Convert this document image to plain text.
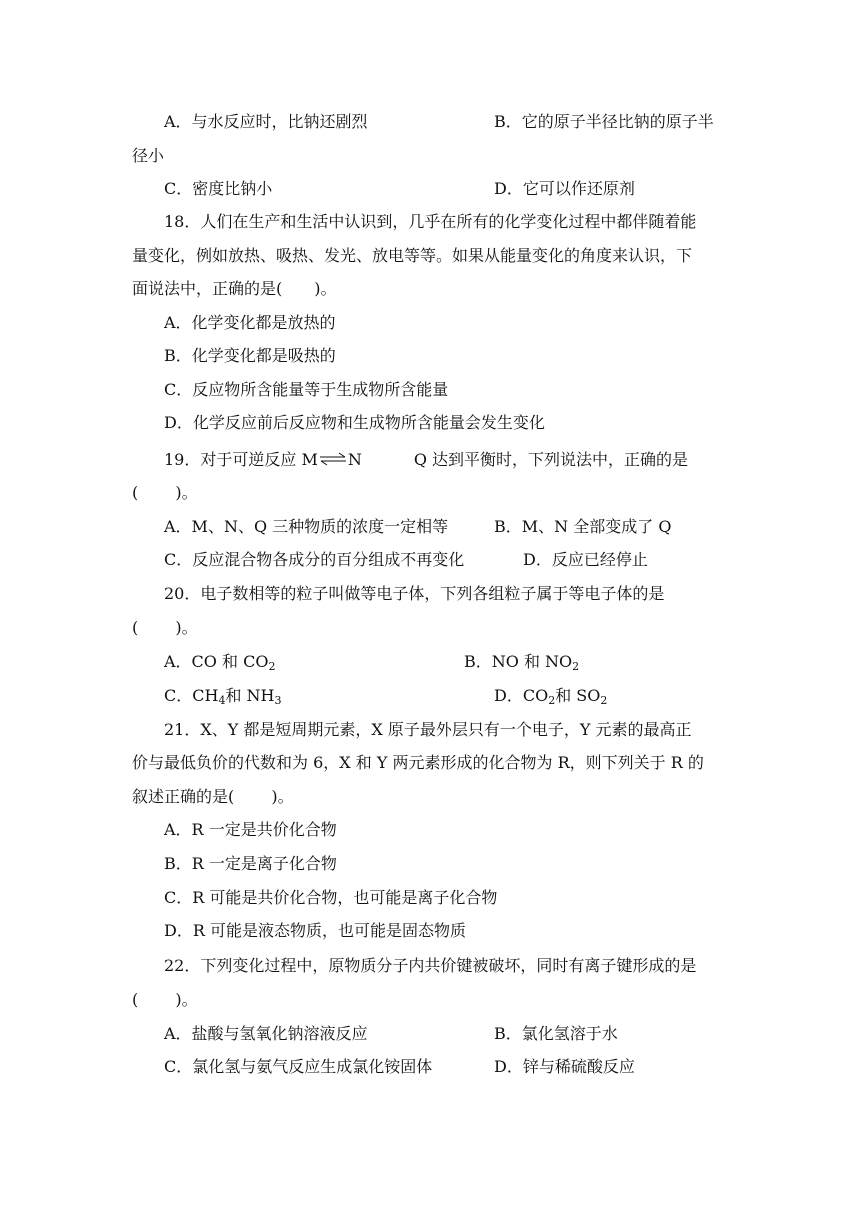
A．与水反应时，比钠还剧烈	B．它的原子半径比钠的原子半
径小
C．密度比钠小	D．它可以作还原剂
18．人们在生产和生活中认识到，几乎在所有的化学变化过程中都伴随着能
量变化，例如放热、吸热、发光、放电等等。如果从能量变化的角度来认识，下
面说法中，正确的是(　　)。
A．化学变化都是放热的
B．化学变化都是吸热的
C．反应物所含能量等于生成物所含能量
D．化学反应前后反应物和生成物所含能量会发生变化
19．对于可逆反应 M⇌N	Q 达到平衡时，下列说法中，正确的是
(　　 )。
A．M、N、Q 三种物质的浓度一定相等	B．M、N 全部变成了 Q
C．反应混合物各成分的百分组成不再变化	D．反应已经停止
20．电子数相等的粒子叫做等电子体，下列各组粒子属于等电子体的是
(　　 )。
A．CO 和 $CO_2$	B．NO 和 $NO_2$
C．$CH_4$和 $NH_3$	D．$CO_2$和 $SO_2$
21．X、Y 都是短周期元素，X 原子最外层只有一个电子，Y 元素的最高正
价与最低负价的代数和为 6，X 和 Y 两元素形成的化合物为 R，则下列关于 R 的
叙述正确的是(　　 )。
A．R 一定是共价化合物
B．R 一定是离子化合物
C．R 可能是共价化合物，也可能是离子化合物
D．R 可能是液态物质，也可能是固态物质
22．下列变化过程中，原物质分子内共价键被破坏，同时有离子键形成的是
(　　 )。
A．盐酸与氢氧化钠溶液反应	B．氯化氢溶于水
C．氯化氢与氨气反应生成氯化铵固体	D．锌与稀硫酸反应
